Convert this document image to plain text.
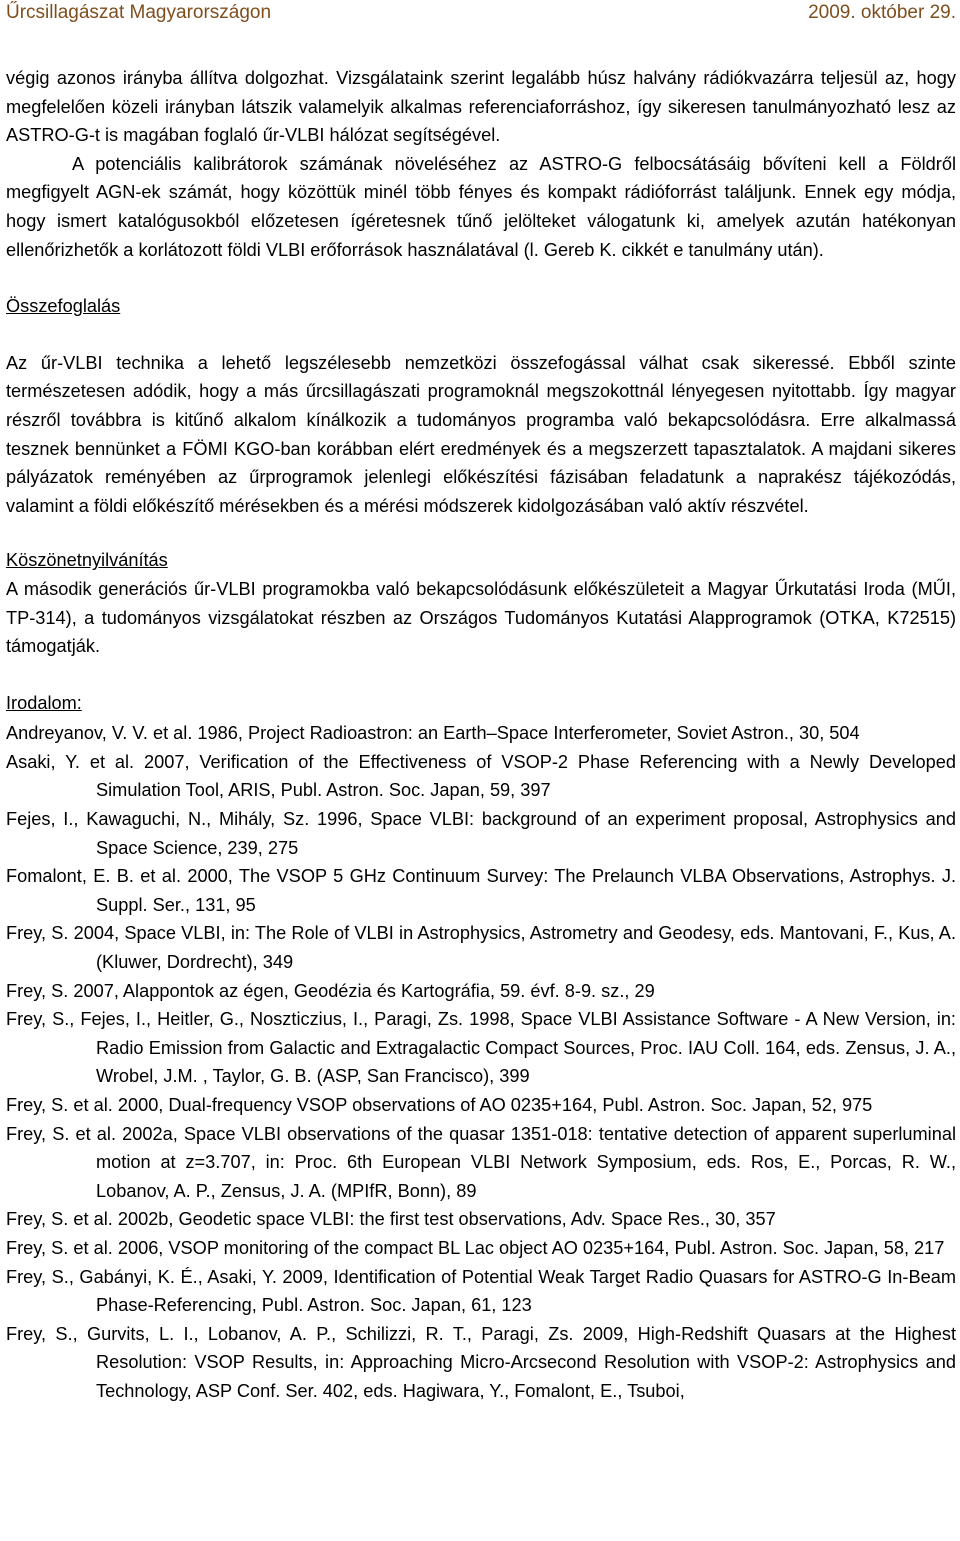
Űrcsillagászat Magyarországon	2009. október 29.

végig azonos irányba állítva dolgozhat. Vizsgálataink szerint legalább húsz halvány rádiókvazárra teljesül az, hogy megfelelően közeli irányban látszik valamelyik alkalmas referenciaforráshoz, így sikeresen tanulmányozható lesz az ASTRO-G-t is magában foglaló űr-VLBI hálózat segítségével.

A potenciális kalibrátorok számának növeléséhez az ASTRO-G felbocsátásáig bővíteni kell a Földről megfigyelt AGN-ek számát, hogy közöttük minél több fényes és kompakt rádióforrást találjunk. Ennek egy módja, hogy ismert katalógusokból előzetesen ígéretesnek tűnő jelölteket válogatunk ki, amelyek azután hatékonyan ellenőrizhetők a korlátozott földi VLBI erőforrások használatával (l. Gereb K. cikkét e tanulmány után).

Összefoglalás

Az űr-VLBI technika a lehető legszélesebb nemzetközi összefogással válhat csak sikeressé. Ebből szinte természetesen adódik, hogy a más űrcsillagászati programoknál megszokottnál lényegesen nyitottabb. Így magyar részről továbbra is kitűnő alkalom kínálkozik a tudományos programba való bekapcsolódásra. Erre alkalmassá tesznek bennünket a FÖMI KGO-ban korábban elért eredmények és a megszerzett tapasztalatok. A majdani sikeres pályázatok reményében az űrprogramok jelenlegi előkészítési fázisában feladatunk a naprakész tájékozódás, valamint a földi előkészítő mérésekben és a mérési módszerek kidolgozásában való aktív részvétel.

Köszönetnyilvánítás

A második generációs űr-VLBI programokba való bekapcsolódásunk előkészületeit a Magyar Űrkutatási Iroda (MŰI, TP-314), a tudományos vizsgálatokat részben az Országos Tudományos Kutatási Alapprogramok (OTKA, K72515) támogatják.

Irodalom:

Andreyanov, V. V. et al. 1986, Project Radioastron: an Earth–Space Interferometer, Soviet Astron., 30, 504
Asaki, Y. et al. 2007, Verification of the Effectiveness of VSOP-2 Phase Referencing with a Newly Developed Simulation Tool, ARIS, Publ. Astron. Soc. Japan, 59, 397
Fejes, I., Kawaguchi, N., Mihály, Sz. 1996, Space VLBI: background of an experiment proposal, Astrophysics and Space Science, 239, 275
Fomalont, E. B. et al. 2000, The VSOP 5 GHz Continuum Survey: The Prelaunch VLBA Observations, Astrophys. J. Suppl. Ser., 131, 95
Frey, S. 2004, Space VLBI, in: The Role of VLBI in Astrophysics, Astrometry and Geodesy, eds. Mantovani, F., Kus, A. (Kluwer, Dordrecht), 349
Frey, S. 2007, Alappontok az égen, Geodézia és Kartográfia, 59. évf. 8-9. sz., 29
Frey, S., Fejes, I., Heitler, G., Noszticzius, I., Paragi, Zs. 1998, Space VLBI Assistance Software - A New Version, in: Radio Emission from Galactic and Extragalactic Compact Sources, Proc. IAU Coll. 164, eds. Zensus, J. A., Wrobel, J.M. , Taylor, G. B. (ASP, San Francisco), 399
Frey, S. et al. 2000, Dual-frequency VSOP observations of AO 0235+164, Publ. Astron. Soc. Japan, 52, 975
Frey, S. et al. 2002a, Space VLBI observations of the quasar 1351-018: tentative detection of apparent superluminal motion at z=3.707, in: Proc. 6th European VLBI Network Symposium, eds. Ros, E., Porcas, R. W., Lobanov, A. P., Zensus, J. A. (MPIfR, Bonn), 89
Frey, S. et al. 2002b, Geodetic space VLBI: the first test observations, Adv. Space Res., 30, 357
Frey, S. et al. 2006, VSOP monitoring of the compact BL Lac object AO 0235+164, Publ. Astron. Soc. Japan, 58, 217
Frey, S., Gabányi, K. É., Asaki, Y. 2009, Identification of Potential Weak Target Radio Quasars for ASTRO-G In-Beam Phase-Referencing, Publ. Astron. Soc. Japan, 61, 123
Frey, S., Gurvits, L. I., Lobanov, A. P., Schilizzi, R. T., Paragi, Zs. 2009, High-Redshift Quasars at the Highest Resolution: VSOP Results, in: Approaching Micro-Arcsecond Resolution with VSOP-2: Astrophysics and Technology, ASP Conf. Ser. 402, eds. Hagiwara, Y., Fomalont, E., Tsuboi,
